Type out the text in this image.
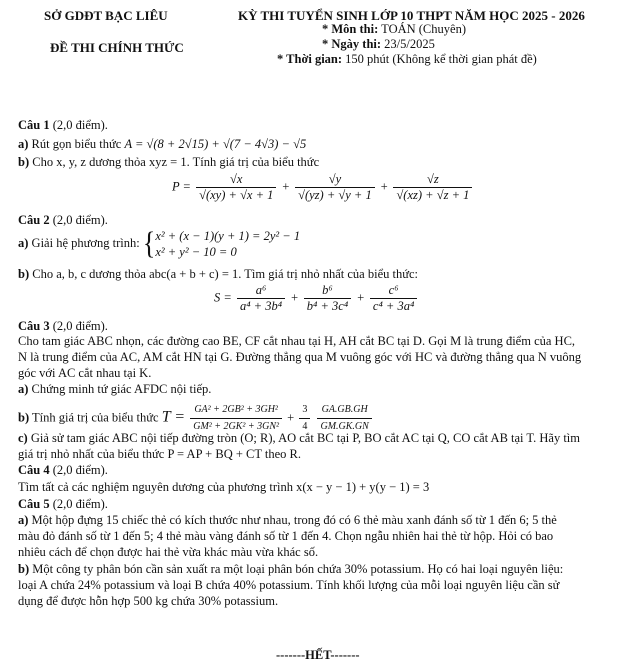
SỞ GDĐT BẠC LIÊU
ĐỀ THI CHÍNH THỨC
KỲ THI TUYỂN SINH LỚP 10 THPT NĂM HỌC 2025 - 2026
* Môn thi: TOÁN (Chuyên)
* Ngày thi: 23/5/2025
* Thời gian: 150 phút (Không kể thời gian phát đề)
Câu 1 (2,0 điểm).
a) Rút gọn biểu thức A = √(8 + 2√15) + √(7 − 4√3) − √5
b) Cho x, y, z dương thỏa xyz = 1. Tính giá trị của biểu thức
$P = \frac{√x}{√(xy) + √x + 1} + \frac{√y}{√(yz) + √y + 1} + \frac{√z}{√(xz) + √z + 1}$
Câu 2 (2,0 điểm).
a) Giải hệ phương trình: { x² + (x − 1)(y + 1) = 2y² − 1
x² + y² − 10 = 0
b) Cho a, b, c dương thỏa abc(a + b + c) = 1. Tìm giá trị nhỏ nhất của biểu thức:
$S = \frac{\text{a⁶}}{\text{a⁴ + 3b⁴}} + \frac{\text{b⁶}}{\text{b⁴ + 3c⁴}} + \frac{\text{c⁶}}{\text{c⁴ + 3a⁴}}$
Câu 3 (2,0 điểm).
Cho tam giác ABC nhọn, các đường cao BE, CF cắt nhau tại H, AH cắt BC tại D. Gọi M là trung điểm của HC,
N là trung điểm của AC, AM cắt HN tại G. Đường thẳng qua M vuông góc với HC và đường thẳng qua N vuông
góc với AC cắt nhau tại K.
a) Chứng minh tứ giác AFDC nội tiếp.
b) Tính giá trị của biểu thức $T = \frac{\text{GA² + 2GB² + 3GH²}}{\text{GM² + 2GK² + 3GN²}} + \frac{3}{4}$
$\frac{GA.GB.GH}{GM.GK.GN}$
c) Giả sử tam giác ABC nội tiếp đường tròn (O; R), AO cắt BC tại P, BO cắt AC tại Q, CO cắt AB tại T. Hãy tìm
giá trị nhỏ nhất của biểu thức P = AP + BQ + CT theo R.
Câu 4 (2,0 điểm).
Tìm tất cả các nghiệm nguyên dương của phương trình x(x − y − 1) + y(y − 1) = 3
Câu 5 (2,0 điểm).
a) Một hộp đựng 15 chiếc thẻ có kích thước như nhau, trong đó có 6 thẻ màu xanh đánh số từ 1 đến 6; 5 thẻ
màu đỏ đánh số từ 1 đến 5; 4 thẻ màu vàng đánh số từ 1 đến 4. Chọn ngẫu nhiên hai thẻ từ hộp. Hỏi có bao
nhiêu cách để chọn được hai thẻ vừa khác màu vừa khác số.
b) Một công ty phân bón cần sản xuất ra một loại phân bón chứa 30% potassium. Họ có hai loại nguyên liệu:
loại A chứa 24% potassium và loại B chứa 40% potassium. Tính khối lượng của mỗi loại nguyên liệu cần sử
dụng để được hỗn hợp 500 kg chứa 30% potassium.
-------HẾT-------
